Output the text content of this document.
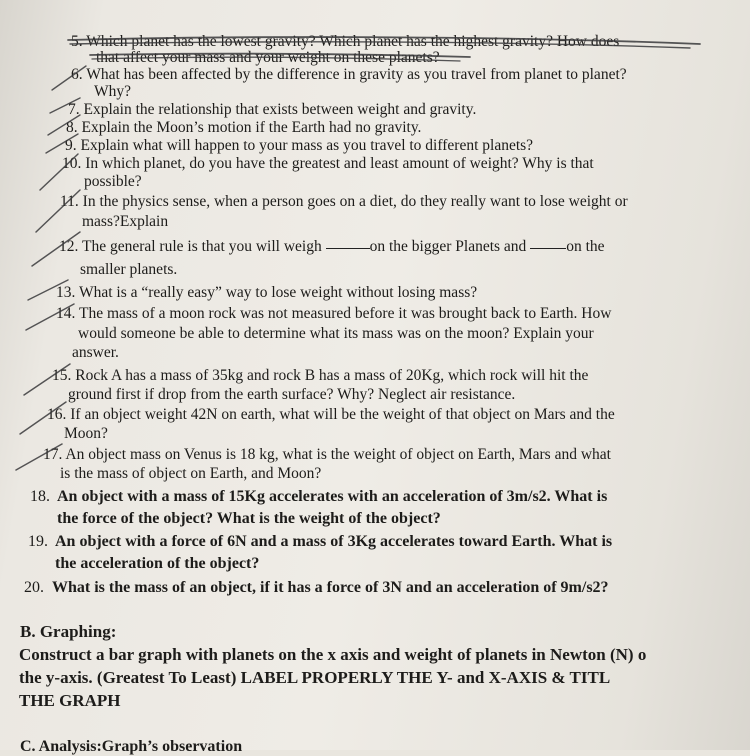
5. Which planet has the lowest gravity? Which planet has the highest gravity? How does
that affect your mass and your weight on these planets?
6. What has been affected by the difference in gravity as you travel from planet to planet?
Why?
7. Explain the relationship that exists between weight and gravity.
8. Explain the Moon’s motion if the Earth had no gravity.
9. Explain what will happen to your mass as you travel to different planets?
10. In which planet, do you have the greatest and least amount of weight? Why is that
possible?
11. In the physics sense, when a person goes on a diet, do they really want to lose weight or
mass?Explain
12. The general rule is that you will weigh	on the bigger Planets and on the
smaller planets.
13. What is a “really easy” way to lose weight without losing mass?
14. The mass of a moon rock was not measured before it was brought back to Earth. How
would someone be able to determine what its mass was on the moon? Explain your
answer.
15. Rock A has a mass of 35kg and rock B has a mass of 20Kg, which rock will hit the
ground first if drop from the earth surface? Why? Neglect air resistance.
16. If an object weight 42N on earth, what will be the weight of that object on Mars and the
Moon?
17. An object mass on Venus is 18 kg, what is the weight of object on Earth, Mars and what
is the mass of object on Earth, and Moon?
18. An object with a mass of 15Kg accelerates with an acceleration of 3m/s2. What is
the force of the object? What is the weight of the object?
19. An object with a force of 6N and a mass of 3Kg accelerates toward Earth. What is
the acceleration of the object?
20. What is the mass of an object, if it has a force of 3N and an acceleration of 9m/s2?
B. Graphing:
Construct a bar graph with planets on the x axis and weight of planets in Newton (N) o
the y-axis. (Greatest To Least) LABEL PROPERLY THE Y- and X-AXIS & TITL
THE GRAPH
C. Analysis:Graph’s observation
